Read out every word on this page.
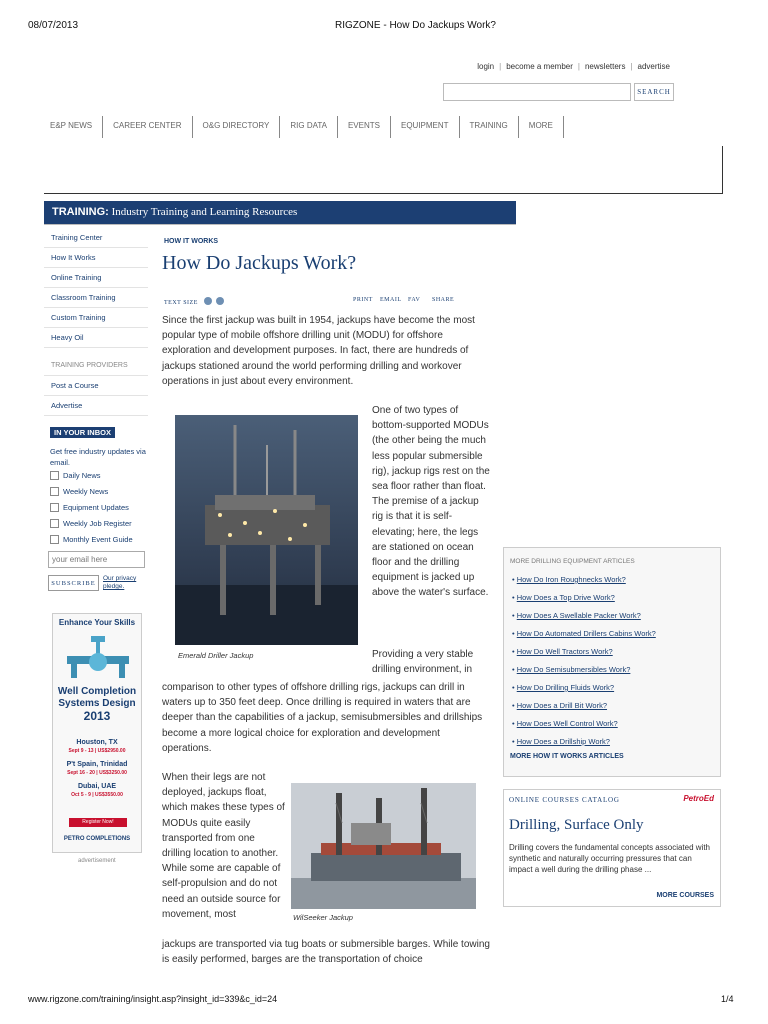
08/07/2013	RIGZONE - How Do Jackups Work?
login | become a member | newsletters | advertise
SEARCH
E&P NEWS	CAREER CENTER	O&G DIRECTORY	RIG DATA	EVENTS	EQUIPMENT	TRAINING	MORE
TRAINING: Industry Training and Learning Resources
Training Center
How It Works
Online Training
Classroom Training
Custom Training
Heavy Oil
TRAINING PROVIDERS
Post a Course
Advertise
IN YOUR INBOX
Get free industry updates via email.
Daily News
Weekly News
Equipment Updates
Weekly Job Register
Monthly Event Guide
your email here
SUBSCRIBE
Our privacy pledge.
Enhance Your Skills
Well Completion
Systems Design
2013
Houston, TX
Sept 9 - 13 | US$2950.00
P't Spain, Trinidad
Sept 16 - 20 | US$3250.00
Dubai, UAE
Oct 5 - 9 | US$3550.00
Register Now!
PETRO COMPLETIONS
advertisement
HOW IT WORKS
How Do Jackups Work?
TEXT SIZE	PRINT EMAIL FAV SHARE
Since the first jackup was built in 1954, jackups have become the most popular type of mobile offshore drilling unit (MODU) for offshore exploration and development purposes. In fact, there are hundreds of jackups stationed around the world performing drilling and workover operations in just about every environment.
Emerald Driller Jackup
One of two types of bottom-supported MODUs (the other being the much less popular submersible rig), jackup rigs rest on the sea floor rather than float. The premise of a jackup rig is that it is self-elevating; here, the legs are stationed on ocean floor and the drilling equipment is jacked up above the water's surface.
Providing a very stable drilling environment, in
comparison to other types of offshore drilling rigs, jackups can drill in waters up to 350 feet deep. Once drilling is required in waters that are deeper than the capabilities of a jackup, semisubmersibles and drillships become a more logical choice for exploration and development operations.
When their legs are not deployed, jackups float, which makes these types of MODUs quite easily transported from one drilling location to another. While some are capable of self-propulsion and do not need an outside source for movement, most	WilSeeker Jackup
jackups are transported via tug boats or submersible barges. While towing is easily performed, barges are the transportation of choice
MORE DRILLING EQUIPMENT ARTICLES
• How Do Iron Roughnecks Work?
• How Does a Top Drive Work?
• How Does A Swellable Packer Work?
• How Do Automated Drillers Cabins Work?
• How Do Well Tractors Work?
• How Do Semisubmersibles Work?
• How Do Drilling Fluids Work?
• How Does a Drill Bit Work?
• How Does Well Control Work?
• How Does a Drillship Work?
MORE HOW IT WORKS ARTICLES
ONLINE COURSES CATALOG	PetroEd
Drilling, Surface Only
Drilling covers the fundamental concepts associated with synthetic and naturally occurring pressures that can impact a well during the drilling phase ...
MORE COURSES
www.rigzone.com/training/insight.asp?insight_id=339&c_id=24	1/4
